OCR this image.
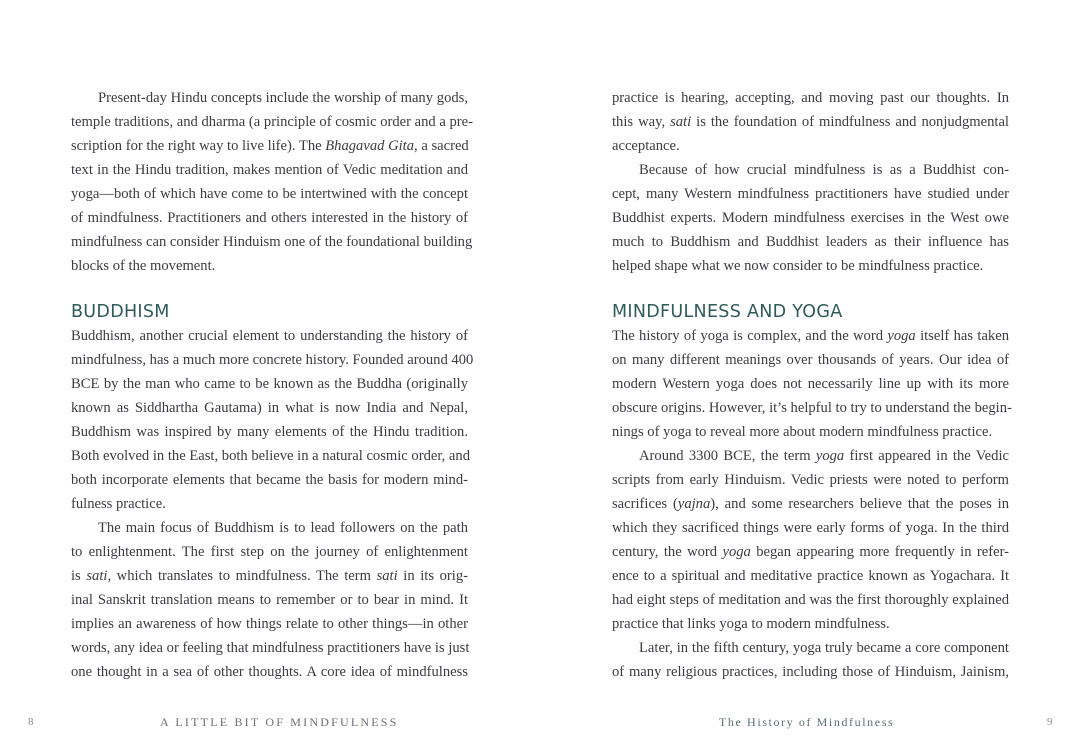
Present-day Hindu concepts include the worship of many gods,
temple traditions, and dharma (a principle of cosmic order and a pre-
scription for the right way to live life). The Bhagavad Gita, a sacred
text in the Hindu tradition, makes mention of Vedic meditation and
yoga—both of which have come to be intertwined with the concept
of mindfulness. Practitioners and others interested in the history of
mindfulness can consider Hinduism one of the foundational building
blocks of the movement.
BUDDHISM
Buddhism, another crucial element to understanding the history of
mindfulness, has a much more concrete history. Founded around 400
BCE by the man who came to be known as the Buddha (originally
known as Siddhartha Gautama) in what is now India and Nepal,
Buddhism was inspired by many elements of the Hindu tradition.
Both evolved in the East, both believe in a natural cosmic order, and
both incorporate elements that became the basis for modern mind-
fulness practice.
The main focus of Buddhism is to lead followers on the path
to enlightenment. The first step on the journey of enlightenment
is sati, which translates to mindfulness. The term sati in its orig-
inal Sanskrit translation means to remember or to bear in mind. It
implies an awareness of how things relate to other things—in other
words, any idea or feeling that mindfulness practitioners have is just
one thought in a sea of other thoughts. A core idea of mindfulness
8	A LITTLE BIT OF MINDFULNESS
practice is hearing, accepting, and moving past our thoughts. In
this way, sati is the foundation of mindfulness and nonjudgmental
acceptance.
Because of how crucial mindfulness is as a Buddhist con-
cept, many Western mindfulness practitioners have studied under
Buddhist experts. Modern mindfulness exercises in the West owe
much to Buddhism and Buddhist leaders as their influence has
helped shape what we now consider to be mindfulness practice.
MINDFULNESS AND YOGA
The history of yoga is complex, and the word yoga itself has taken
on many different meanings over thousands of years. Our idea of
modern Western yoga does not necessarily line up with its more
obscure origins. However, it’s helpful to try to understand the begin-
nings of yoga to reveal more about modern mindfulness practice.
Around 3300 BCE, the term yoga first appeared in the Vedic
scripts from early Hinduism. Vedic priests were noted to perform
sacrifices (yajna), and some researchers believe that the poses in
which they sacrificed things were early forms of yoga. In the third
century, the word yoga began appearing more frequently in refer-
ence to a spiritual and meditative practice known as Yogachara. It
had eight steps of meditation and was the first thoroughly explained
practice that links yoga to modern mindfulness.
Later, in the fifth century, yoga truly became a core component
of many religious practices, including those of Hinduism, Jainism,
The History of Mindfulness	9
